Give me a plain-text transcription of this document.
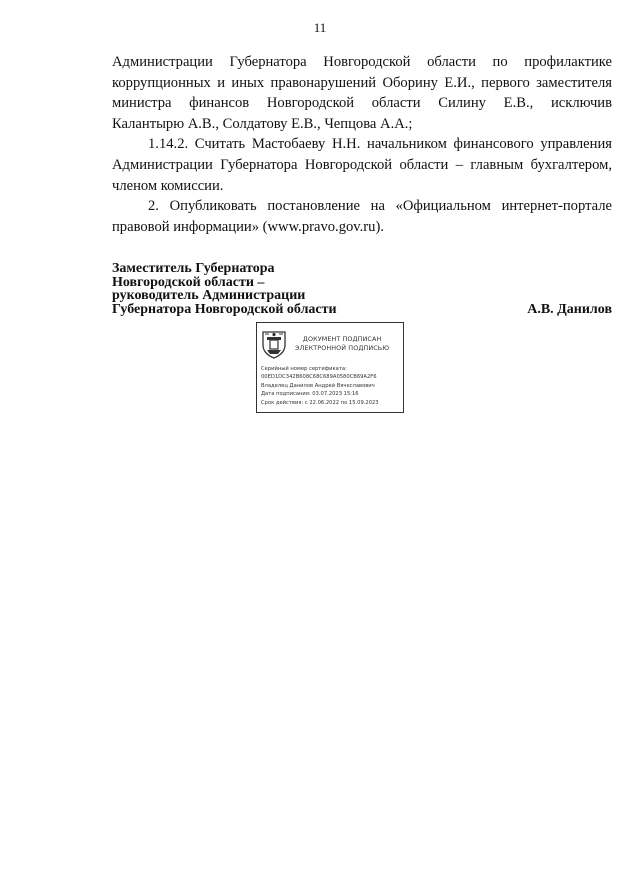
11

Администрации Губернатора Новгородской области по профилактике
коррупционных и иных правонарушений Оборину Е.И., первого заместителя
министра финансов Новгородской области Силину Е.В., исключив
Калантырю А.В., Солдатову Е.В., Чепцова А.А.;

1.14.2. Считать Мастобаеву Н.Н. начальником финансового управления Администрации Губернатора Новгородской области – главным бухгалтером, членом комиссии.

2. Опубликовать постановление на «Официальном интернет-портале правовой информации» (www.pravo.gov.ru).

Заместитель Губернатора
Новгородской области –
руководитель Администрации
Губернатора Новгородской области	А.В. Данилов
ДОКУМЕНТ ПОДПИСАН
ЭЛЕКТРОННОЙ ПОДПИСЬЮ
Серийный номер сертификата:
00ED1DC342B608C68C689A0580CB69A2F6
Владелец Данилов Андрей Вячеславович
Дата подписания: 03.07.2023 15:16
Срок действия: с 22.06.2022 по 15.09.2023
